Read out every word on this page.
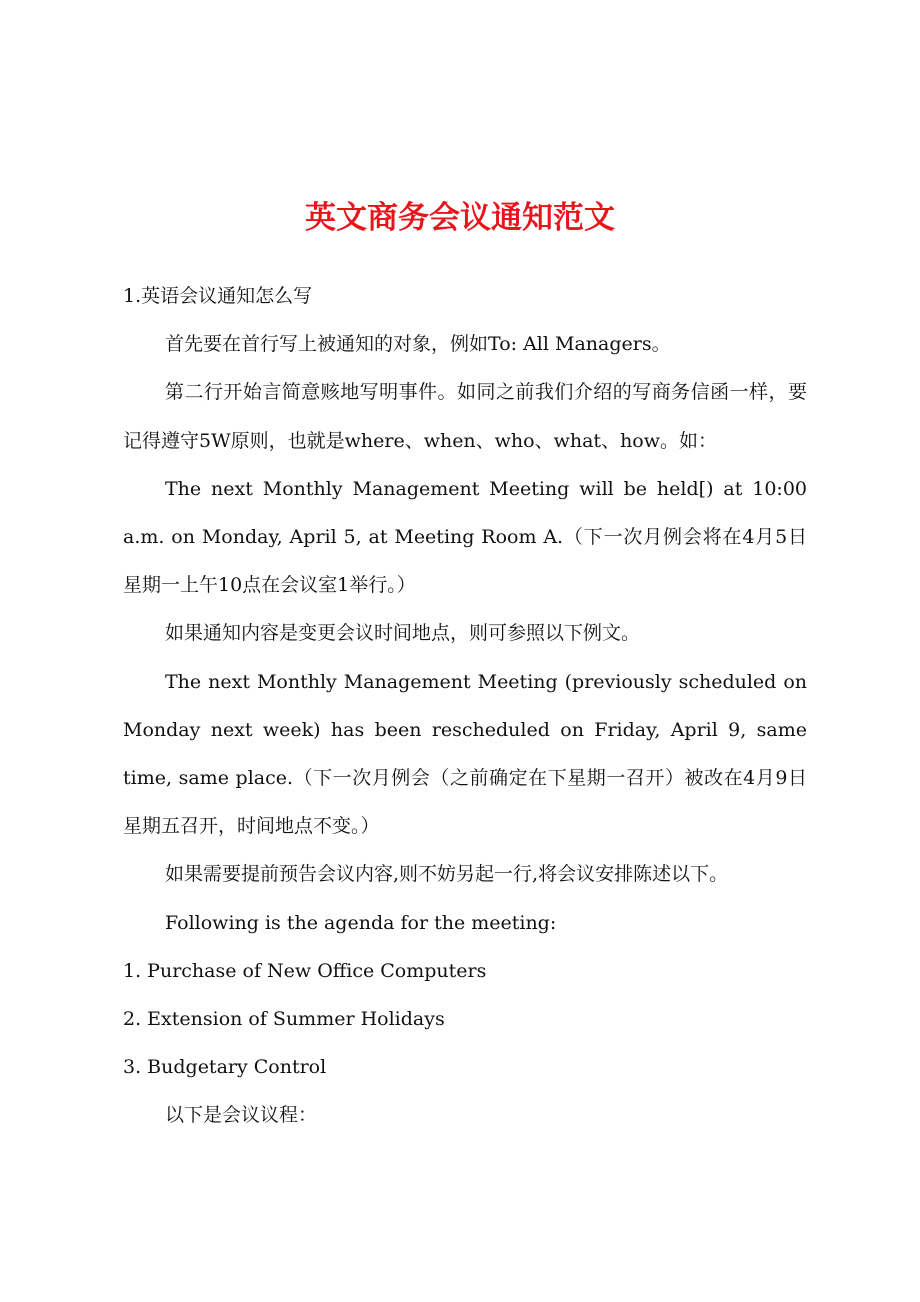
英文商务会议通知范文

1.英语会议通知怎么写

首先要在首行写上被通知的对象，例如To: All Managers。

第二行开始言简意赅地写明事件。如同之前我们介绍的写商务信函一样，要记得遵守5W原则，也就是where、when、who、what、how。如：

The next Monthly Management Meeting will be held[) at 10:00 a.m. on Monday, April 5, at Meeting Room A.（下一次月例会将在4月5日星期一上午10点在会议室1举行。）

如果通知内容是变更会议时间地点，则可参照以下例文。

The next Monthly Management Meeting (previously scheduled on Monday next week) has been rescheduled on Friday, April 9, same time, same place.（下一次月例会（之前确定在下星期一召开）被改在4月9日星期五召开，时间地点不变。）

如果需要提前预告会议内容,则不妨另起一行,将会议安排陈述以下。

Following is the agenda for the meeting:

1. Purchase of New Office Computers

2. Extension of Summer Holidays

3. Budgetary Control

以下是会议议程：
